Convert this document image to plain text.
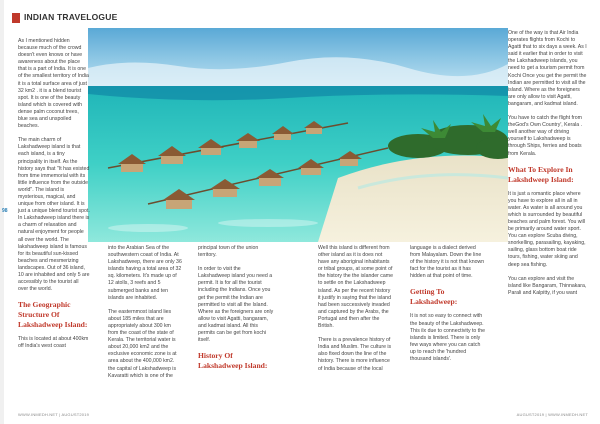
INDIAN TRAVELOGUE
98

As I mentioned hidden because much of the crowd doesn't even knows or have awareness about the place that is a part of India. It is one of the smallest territory of India it is a total surface area of just 32 km2 . it is a blend tourist spot. It is one of the beauty island which is covered with dense palm coconut trees, blue sea and unspoiled beaches.

The main charm of Lakshadweep island is that each island, is a tiny principality in itself. As the history says that "It has existed from time immemorial with its little influence from the outside world". The island is mysterious, magical, and unique from other island. It is just a unique blend tourist spot. In Lakshadweep island there is a charm of relaxation and natural enjoyment for people all over the world. The lakshadweep island is famous for its beautiful sun-kissed beaches and mesmerizing landscapes. Out of 36 island, 10 are inhabited and only 5 are accessibly to the tourist all over the world.

The Geographic Structure Of Lakshadweep Island:

This is located at about 400km off India's west coast

into the Arabian Sea of the southwestern coast of India. At Lakshadweep, there are only 36 islands having a total area of 32 sq. kilometers. It's made up of 12 atolls, 3 reefs and 5 submerged banks and ten islands are inhabited.

The easternmost island lies about 185 miles that are appropriately about 300 km from the coast of the state of Kerala. The territorial water is about 20,000 km2 and the exclusive economic zone is at area about the 400,000 km2. the capital of Lakshadweep is Kavaratti which is one of the

principal town of the union territory.

In order to visit the Lakshadweep island you need a permit. It is for all the tourist including the Indians. Once you get the permit the Indian are permitted to visit all the Island. Where as the foreigners are only allow to visit Agatti, bangaram, and kadmat island. All this permits can be get from kochi itself.

History Of Lakshadweep Island:

Well this island is different from other island as it is does not have any aboriginal inhabitants or tribal groups, at some point of the history the the islander came to settle on the Lakshadweep island. As per the recent history it justify in saying that the island had been successively invaded and captured by the Arabs, the Portugal and then after the British.

There is a prevalence history of India and Muslim. The culture is also fixed down the line of the history. There is more influence of India because of the local

language is a dialect derived from Malayalam. Down the line of the history it is not that known fact for the tourist as it has hidden at that point of time.

Getting To Lakshadweep:

It is not so easy to connect with the beauty of the Lakshadweep. This ilx due to connectivity to the islands is limited. There is only few ways where you can catch up to reach the 'hundred thousand islands'.

One of the way is that Air India operates flights from Kochi to Agatti that to six days a week. As I said it earlier that in order to visit the Lakshadweep islands, you need to get a tourism permit from Kochi Once you get the permit the Indian are permitted to visit all the island. Where as the foreigners are only allow to visit Agatti, bangaram, and kadmat island.

You have to catch the flight from theGod's Own Country', Kerala . well another way of driving yourself to Lakshadweep is through Ships, ferries and boats from Kerala.

What To Explore In Lakshdweep Island:

It is just a romantic place where you have to explore all in all in water. As water is all around you which is surrounded by beautiful beaches and palm forest. You will be primarily around water sport. You can explore Scuba diving, snorkelling, parasailing, kayaking, sailing, glass bottom boat ride tours, fishing, water skiing and deep sea fishing.

You can explore and visit the island like Bangaram, Thinnakara, Parali and Kalpitty, if you want

WWW.INMEDH.NET | AUGUST2019	AUGUST2019 | WWW.INMEDH.NET
